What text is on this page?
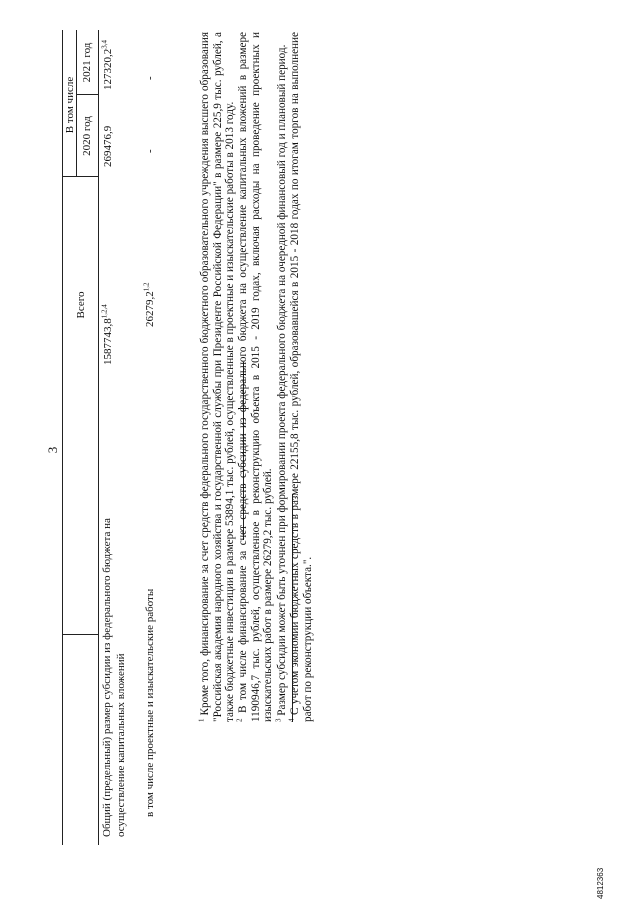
3
Всего
В том числе
2020 год
2021 год
Общий (предельный) размер субсидии из федерального бюджета на осуществление капитальных вложений
1587743,8$^{1,2,4}$
269476,9
127320,2$^{3,4}$
в том числе проектные и изыскательские работы
26279,2$^{1,2}$
-
-
$^1$ Кроме того, финансирование за счет средств федерального государственного бюджетного образовательного учреждения высшего образования "Российская академия народного хозяйства и государственной службы при Президенте Российской Федерации" в размере 225,9 тыс. рублей, а также бюджетные инвестиции в размере 53894,1 тыс. рублей, осуществленные в проектные и изыскательские работы в 2013 году.
$^2$ В том числе финансирование за счет средств субсидии из федерального бюджета на осуществление капитальных вложений в размере 1190946,7 тыс. рублей, осуществленное в реконструкцию объекта в 2015 - 2019 годах, включая расходы на проведение проектных и изыскательских работ в размере 26279,2 тыс. рублей. $^3$ Размер субсидии может быть уточнен при формировании проекта федерального бюджета на очередной финансовый год и плановый период.
$^4$ С учетом экономии бюджетных средств в размере 22155,8 тыс. рублей, образовавшейся в 2015 - 2018 годах по итогам торгов на выполнение работ по реконструкции объекта.".
4812363
